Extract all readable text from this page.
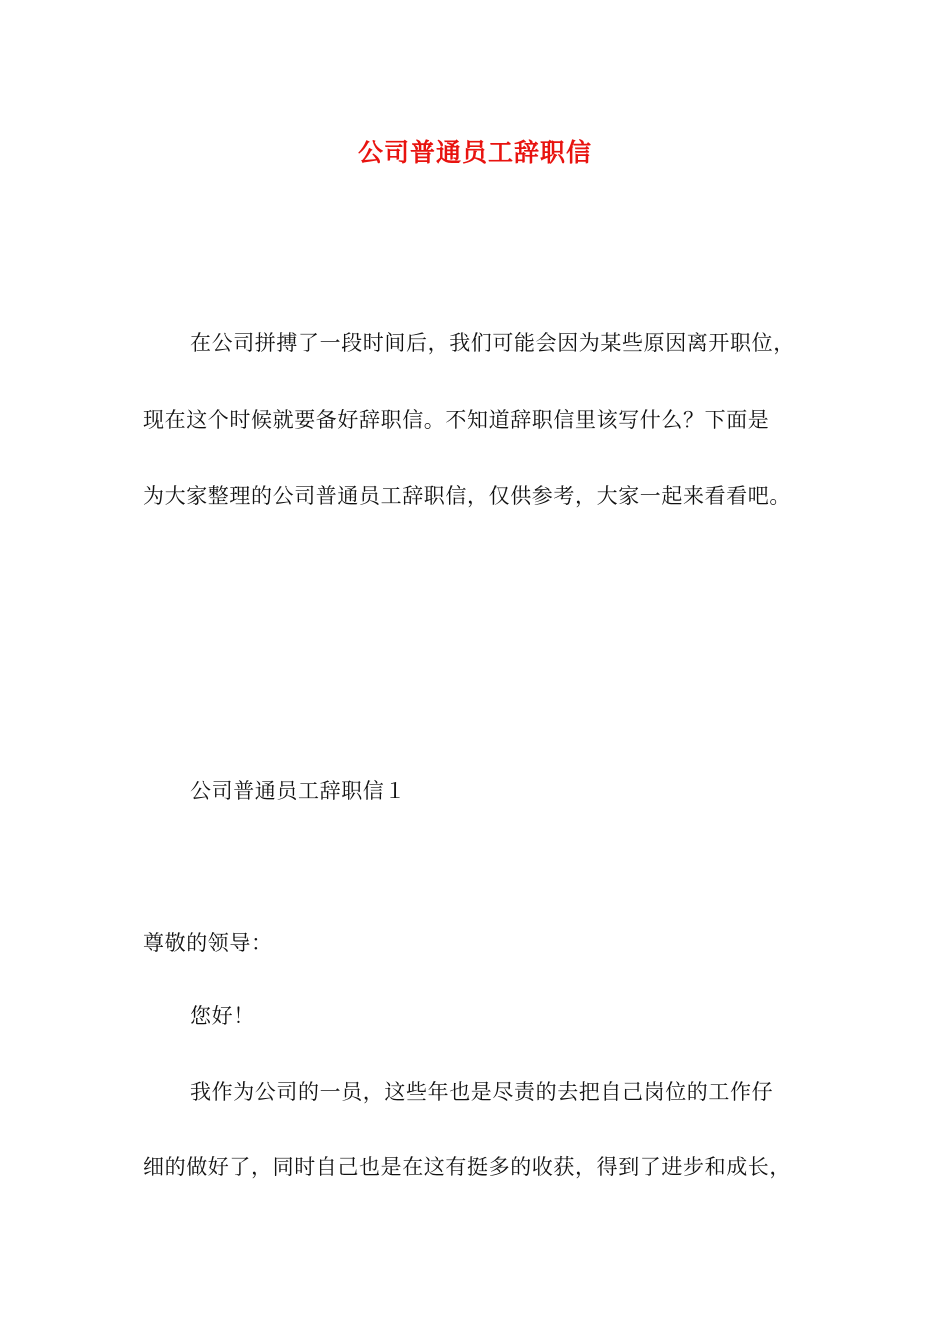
公司普通员工辞职信
在公司拼搏了一段时间后，我们可能会因为某些原因离开职位，
现在这个时候就要备好辞职信。不知道辞职信里该写什么？下面是
为大家整理的公司普通员工辞职信，仅供参考，大家一起来看看吧。
公司普通员工辞职信１
尊敬的领导：
您好！
我作为公司的一员，这些年也是尽责的去把自己岗位的工作仔
细的做好了，同时自己也是在这有挺多的收获，得到了进步和成长，
